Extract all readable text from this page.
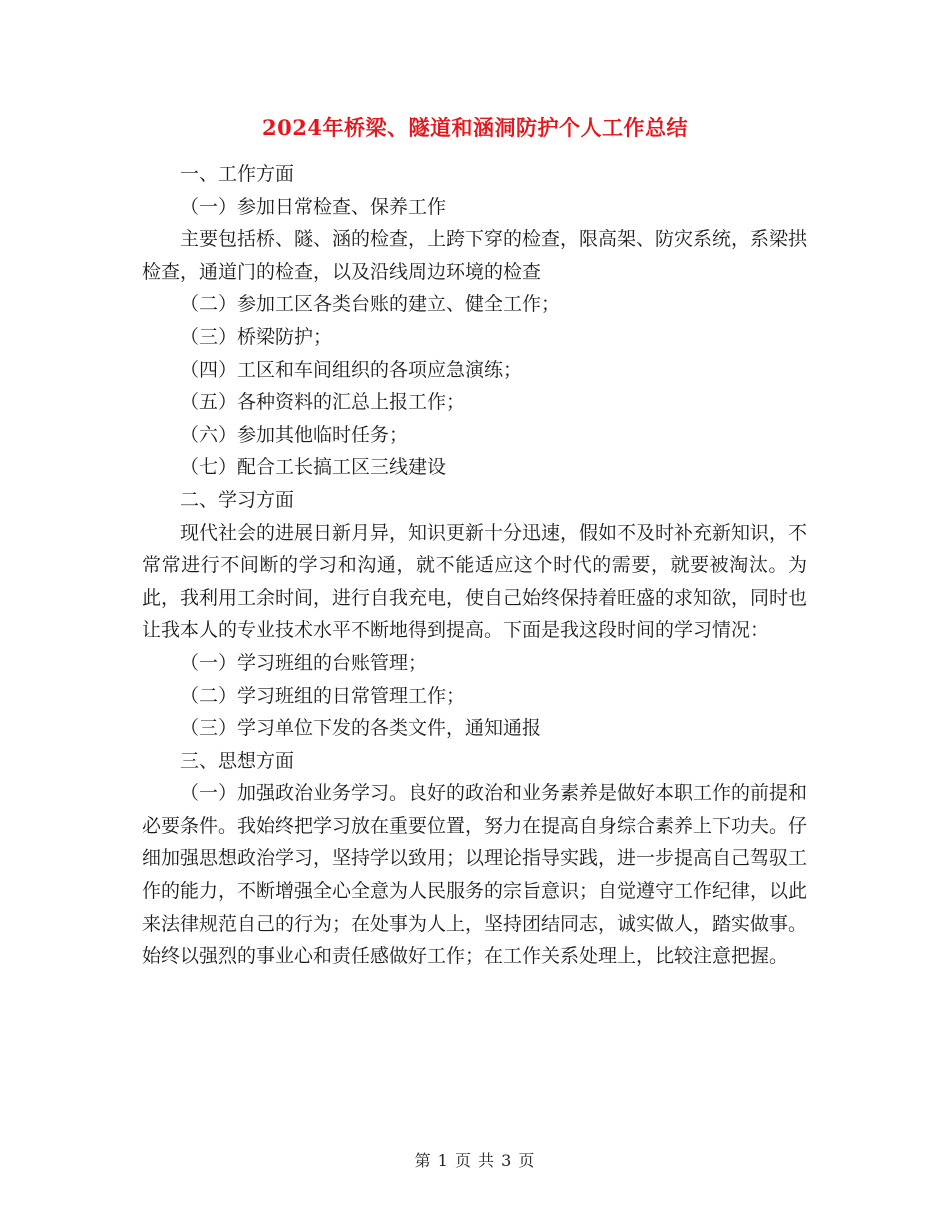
2024年桥梁、隧道和涵洞防护个人工作总结

一、工作方面

（一）参加日常检查、保养工作

主要包括桥、隧、涵的检查，上跨下穿的检查，限高架、防灾系统，系梁拱检查，通道门的检查，以及沿线周边环境的检查

（二）参加工区各类台账的建立、健全工作；

（三）桥梁防护；

（四）工区和车间组织的各项应急演练；

（五）各种资料的汇总上报工作；

（六）参加其他临时任务；

（七）配合工长搞工区三线建设

二、学习方面

现代社会的进展日新月异，知识更新十分迅速，假如不及时补充新知识，不常常进行不间断的学习和沟通，就不能适应这个时代的需要，就要被淘汰。为此，我利用工余时间，进行自我充电，使自己始终保持着旺盛的求知欲，同时也让我本人的专业技术水平不断地得到提高。下面是我这段时间的学习情况：

（一）学习班组的台账管理；

（二）学习班组的日常管理工作；

（三）学习单位下发的各类文件，通知通报

三、思想方面

（一）加强政治业务学习。良好的政治和业务素养是做好本职工作的前提和必要条件。我始终把学习放在重要位置，努力在提高自身综合素养上下功夫。仔细加强思想政治学习，坚持学以致用；以理论指导实践，进一步提高自己驾驭工作的能力，不断增强全心全意为人民服务的宗旨意识；自觉遵守工作纪律，以此来法律规范自己的行为；在处事为人上，坚持团结同志，诚实做人，踏实做事。始终以强烈的事业心和责任感做好工作；在工作关系处理上，比较注意把握。

第 1 页 共 3 页
